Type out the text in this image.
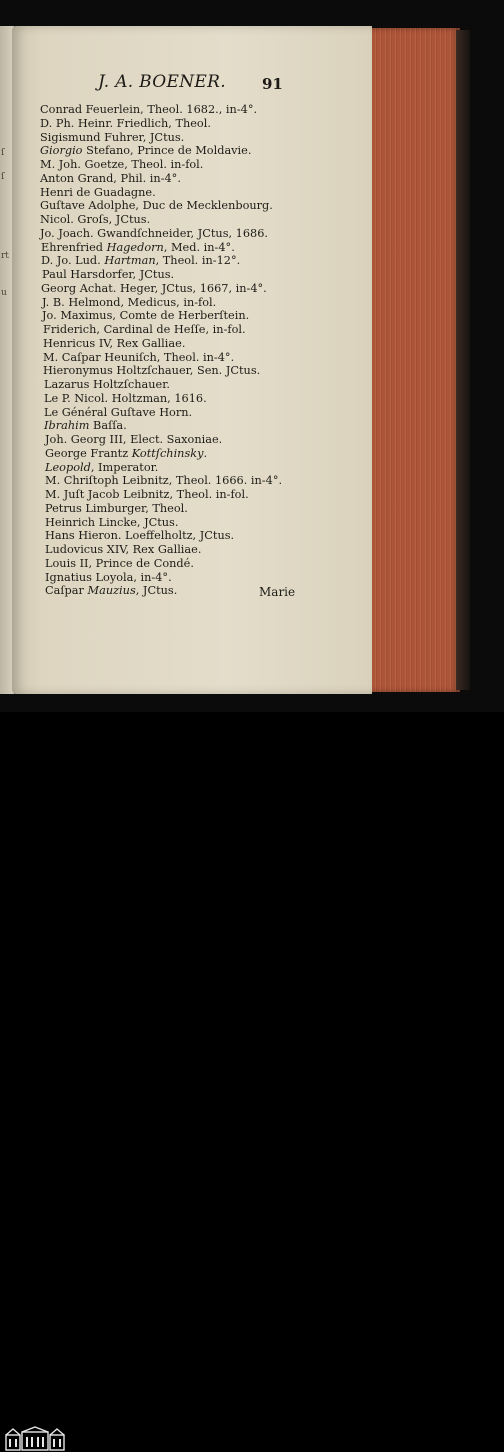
ſ
ſ
rt
u
J. A. BOENER. 91
Conrad Feuerlein, Theol. 1682., in-4°.
D. Ph. Heinr. Friedlich, Theol.
Sigismund Fuhrer, JCtus.
Giorgio Stefano, Prince de Moldavie.
M. Joh. Goetze, Theol. in-fol.
Anton Grand, Phil. in-4°.
Henri de Guadagne.
Guſtave Adolphe, Duc de Mecklenbourg.
Nicol. Groſs, JCtus.
Jo. Joach. Gwandſchneider, JCtus, 1686.
Ehrenfried Hagedorn, Med. in-4°.
D. Jo. Lud. Hartman, Theol. in-12°.
Paul Harsdorfer, JCtus.
Georg Achat. Heger, JCtus, 1667, in-4°.
J. B. Helmond, Medicus, in-fol.
Jo. Maximus, Comte de Herberſtein.
Friderich, Cardinal de Heſſe, in-fol.
Henricus IV, Rex Galliae.
M. Caſpar Heuniſch, Theol. in-4°.
Hieronymus Holtzſchauer, Sen. JCtus.
Lazarus Holtzſchauer.
Le P. Nicol. Holtzman, 1616.
Le Général Guſtave Horn.
Ibrahim Baſſa.
Joh. Georg III, Elect. Saxoniae.
George Frantz Kottſchinsky.
Leopold, Imperator.
M. Chriſtoph Leibnitz, Theol. 1666. in-4°.
M. Juſt Jacob Leibnitz, Theol. in-fol.
Petrus Limburger, Theol.
Heinrich Lincke, JCtus.
Hans Hieron. Loeffelholtz, JCtus.
Ludovicus XIV, Rex Galliae.
Louis II, Prince de Condé.
Ignatius Loyola, in-4°.
Caſpar Mauzius, JCtus.	Marie
